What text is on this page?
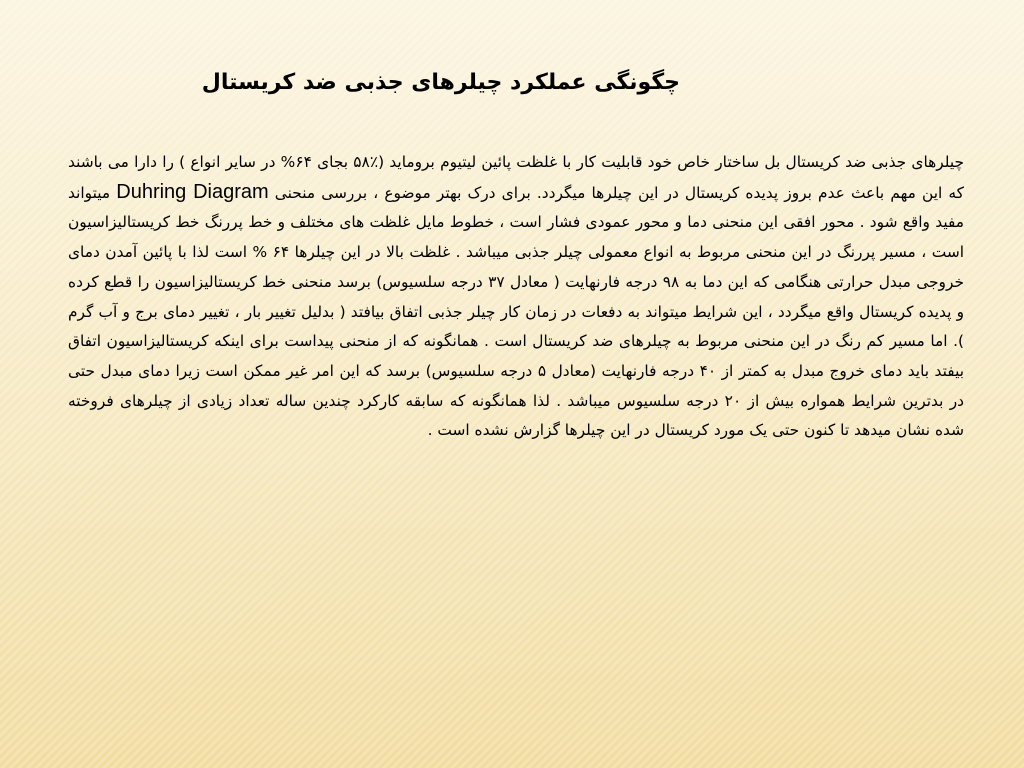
چگونگی عملکرد چیلرهای جذبی ضد کریستال

چیلرهای جذبی ضد کریستال بل ساختار خاص خود قابلیت کار با غلظت پائین لیتیوم بروماید (٪۵۸ بجای ۶۴% در سایر انواع ) را دارا می باشند که این مهم باعث عدم بروز پدیده کریستال در این چیلرها میگردد. برای درک بهتر موضوع ، بررسی منحنی Duhring Diagram میتواند مفید واقع شود . محور افقی این منحنی دما و محور عمودی فشار است ، خطوط مایل غلظت های مختلف و خط پررنگ خط کریستالیزاسیون است ، مسیر پررنگ در این منحنی مربوط به انواع معمولی چیلر جذبی میباشد . غلظت بالا در این چیلرها ۶۴ % است لذا با پائین آمدن دمای خروجی مبدل حرارتی هنگامی که این دما به ۹۸ درجه فارنهایت ( معادل ۳۷ درجه سلسیوس) برسد منحنی خط کریستالیزاسیون را قطع کرده و پدیده کریستال واقع میگردد ، این شرایط میتواند به دفعات در زمان کار چیلر جذبی اتفاق بیافتد ( بدلیل تغییر بار ، تغییر دمای برج و آب گرم ). اما مسیر کم رنگ در این منحنی مربوط به چیلرهای ضد کریستال است . همانگونه که از منحنی پیداست برای اینکه کریستالیزاسیون اتفاق بیفتد باید دمای خروج مبدل به کمتر از ۴۰ درجه فارنهایت (معادل ۵ درجه سلسیوس) برسد که این امر غیر ممکن است زیرا دمای مبدل حتی در بدترین شرایط همواره بیش از ۲۰ درجه سلسیوس میباشد . لذا همانگونه که سابقه کارکرد چندین ساله تعداد زیادی از چیلرهای فروخته شده نشان میدهد تا کنون حتی یک مورد کریستال در این چیلرها گزارش نشده است .
